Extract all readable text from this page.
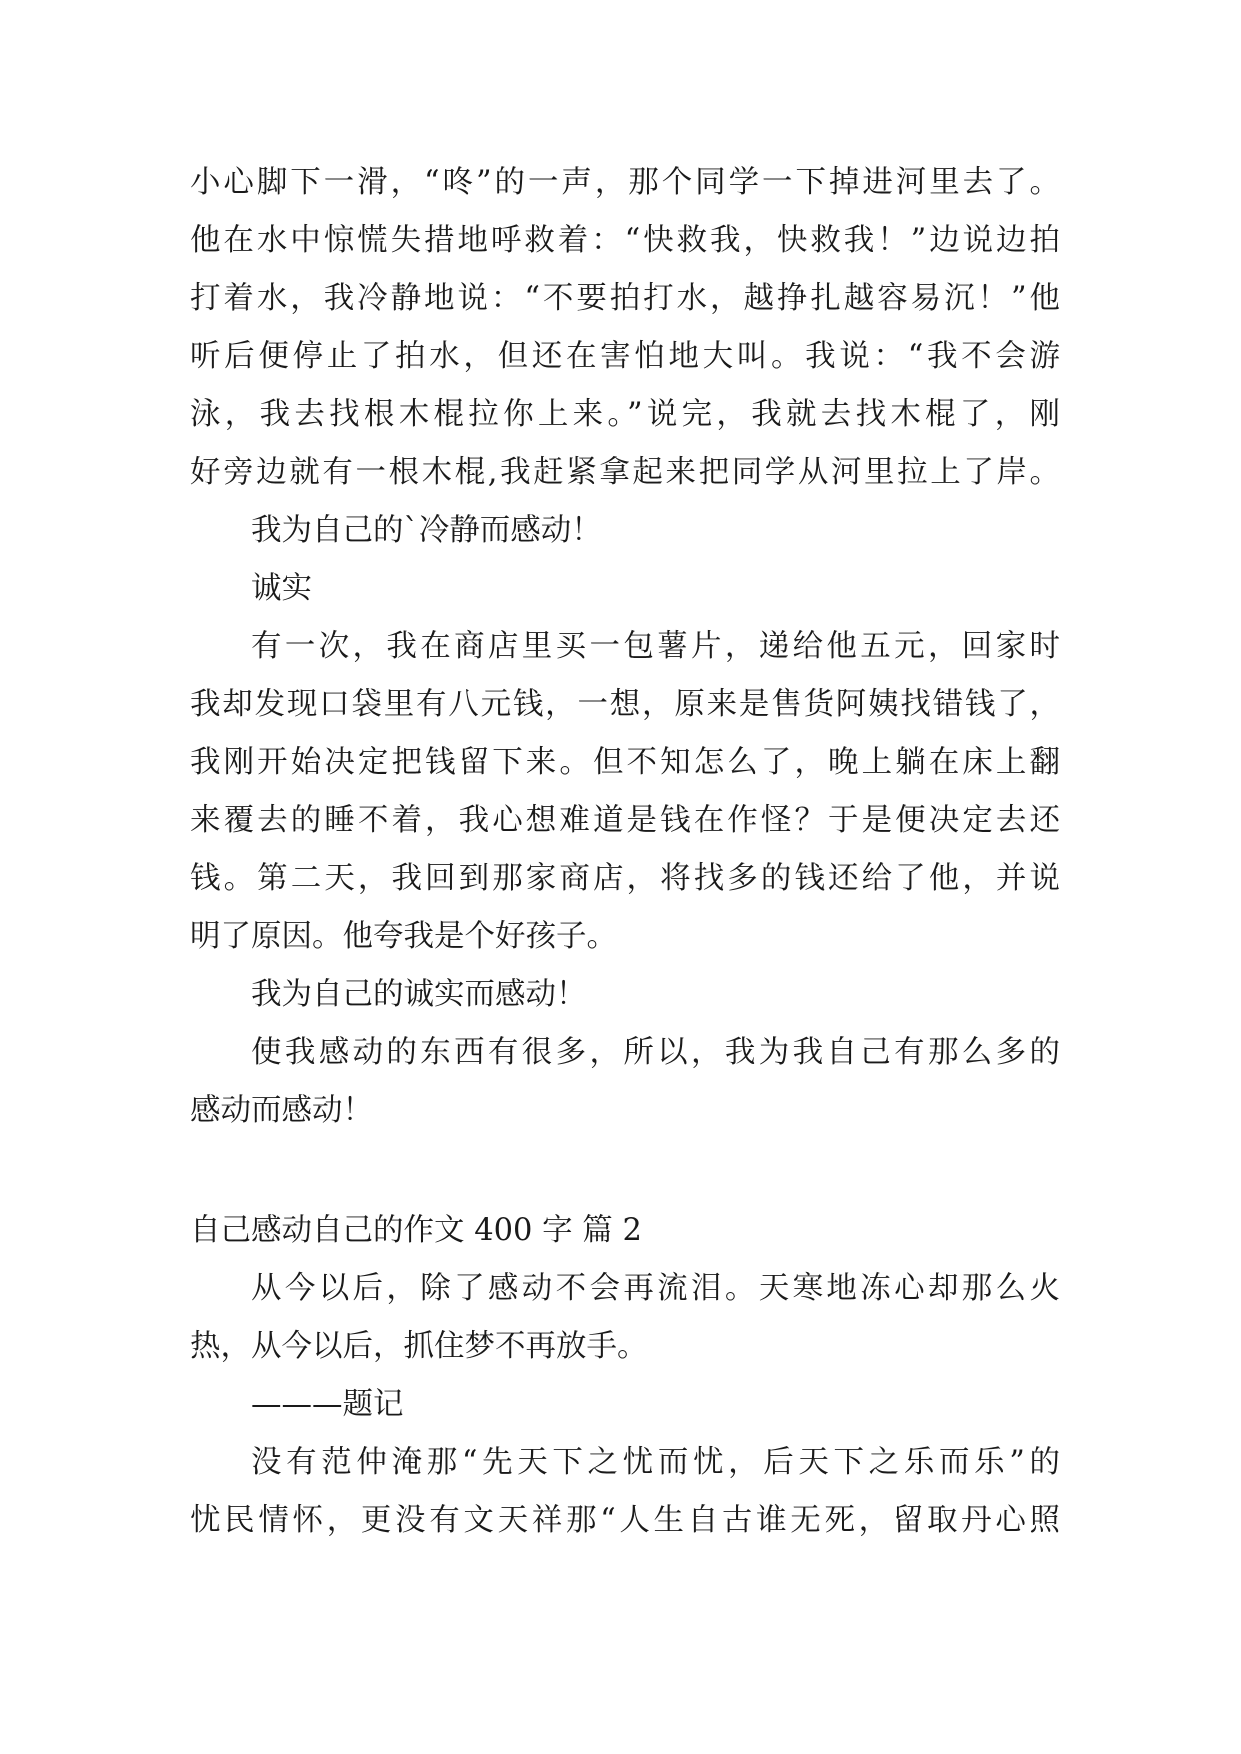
小心脚下一滑，“咚”的一声，那个同学一下掉进河里去了。
他在水中惊慌失措地呼救着：“快救我，快救我！”边说边拍
打着水，我冷静地说：“不要拍打水，越挣扎越容易沉！”他
听后便停止了拍水，但还在害怕地大叫。我说：“我不会游
泳，我去找根木棍拉你上来。”说完，我就去找木棍了，刚
好旁边就有一根木棍,我赶紧拿起来把同学从河里拉上了岸。
我为自己的`冷静而感动！
诚实
有一次，我在商店里买一包薯片，递给他五元，回家时
我却发现口袋里有八元钱，一想，原来是售货阿姨找错钱了，
我刚开始决定把钱留下来。但不知怎么了，晚上躺在床上翻
来覆去的睡不着，我心想难道是钱在作怪？于是便决定去还
钱。第二天，我回到那家商店，将找多的钱还给了他，并说
明了原因。他夸我是个好孩子。
我为自己的诚实而感动！
使我感动的东西有很多，所以，我为我自己有那么多的
感动而感动！
自己感动自己的作文 400 字 篇 2
从今以后，除了感动不会再流泪。天寒地冻心却那么火
热，从今以后，抓住梦不再放手。
———题记
没有范仲淹那“先天下之忧而忧，后天下之乐而乐”的
忧民情怀，更没有文天祥那“人生自古谁无死，留取丹心照
